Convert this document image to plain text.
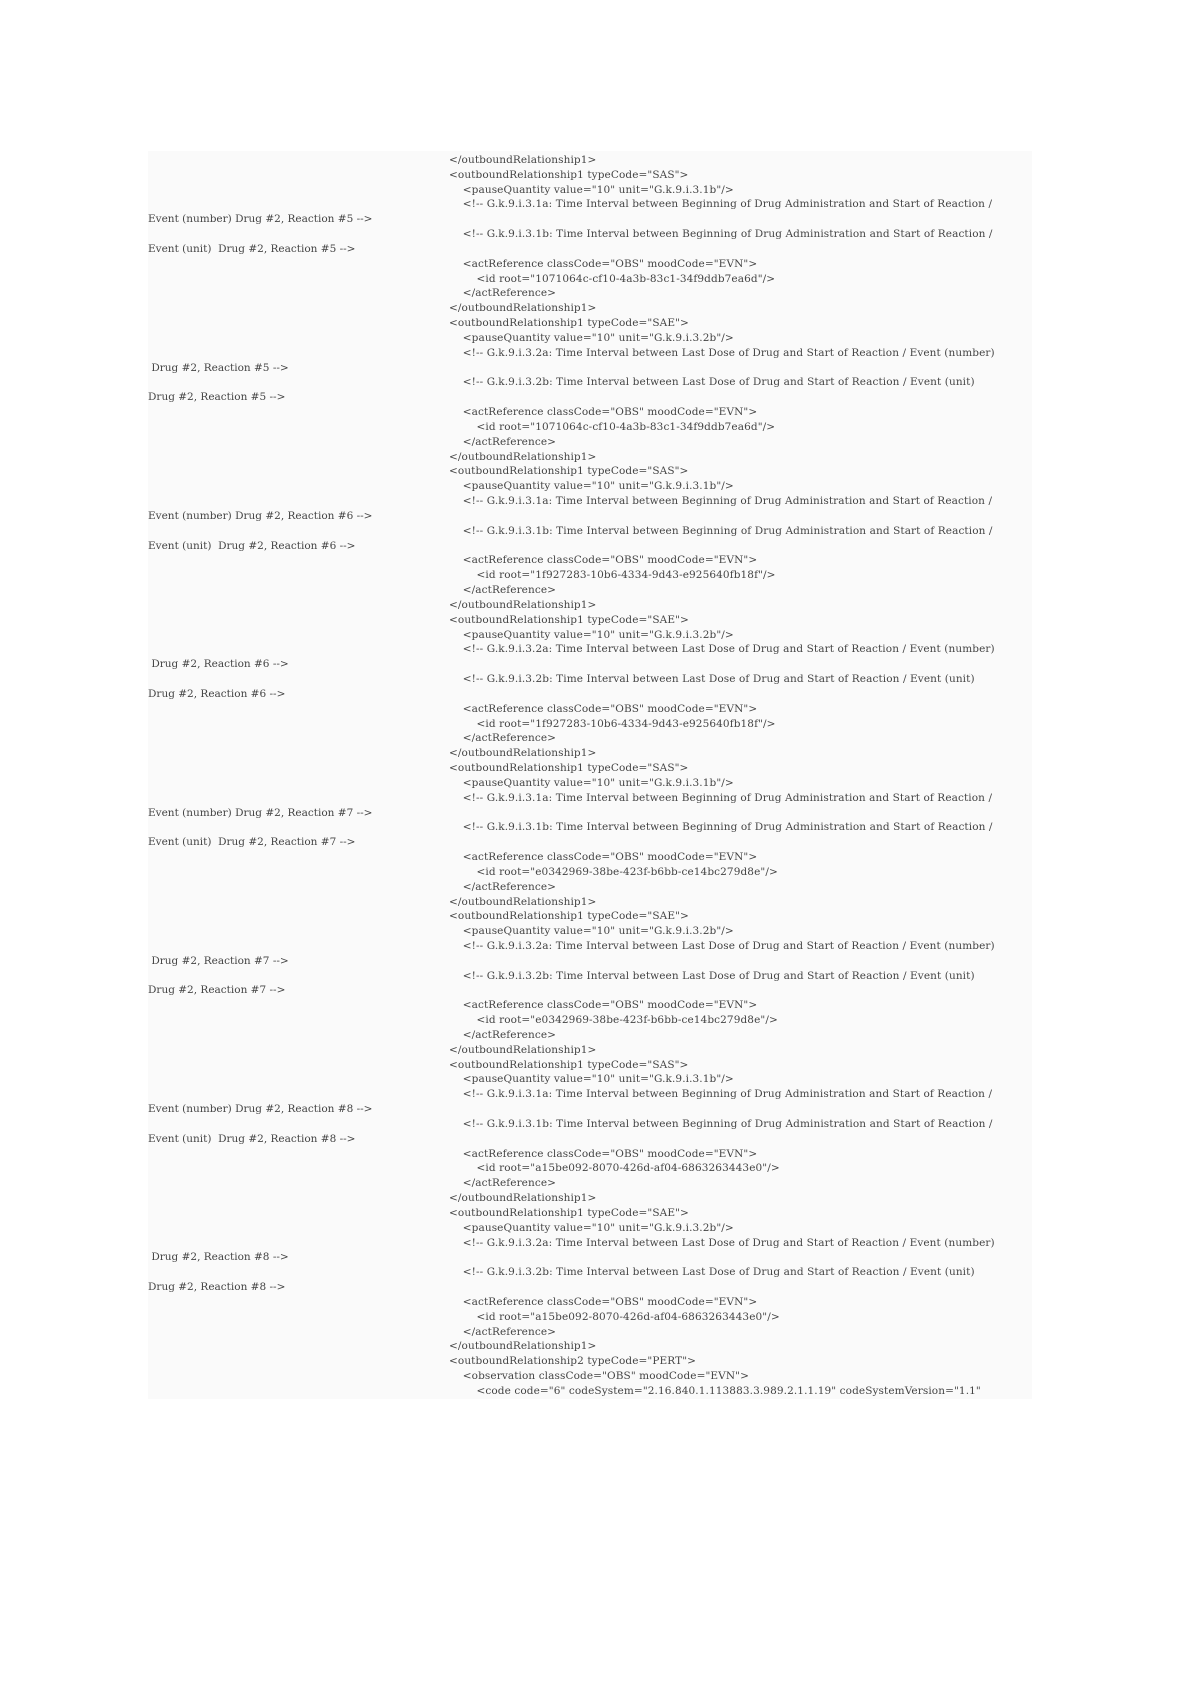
Event (number) Drug #2, Reaction #5 -->
Event (unit)  Drug #2, Reaction #5 -->
Drug #2, Reaction #5 -->
Drug #2, Reaction #5 -->
Event (number) Drug #2, Reaction #6 -->
Event (unit)  Drug #2, Reaction #6 -->
Drug #2, Reaction #6 -->
Drug #2, Reaction #6 -->
Event (number) Drug #2, Reaction #7 -->
Event (unit)  Drug #2, Reaction #7 -->
Drug #2, Reaction #7 -->
Drug #2, Reaction #7 -->
Event (number) Drug #2, Reaction #8 -->
Event (unit)  Drug #2, Reaction #8 -->
Drug #2, Reaction #8 -->
Drug #2, Reaction #8 -->
</outboundRelationship1>
<outboundRelationship1 typeCode="SAS">
<pauseQuantity value="10" unit="G.k.9.i.3.1b"/>
<!-- G.k.9.i.3.1a: Time Interval between Beginning of Drug Administration and Start of Reaction /
<!-- G.k.9.i.3.1b: Time Interval between Beginning of Drug Administration and Start of Reaction /
<actReference classCode="OBS" moodCode="EVN">
<id root="1071064c-cf10-4a3b-83c1-34f9ddb7ea6d"/>
</actReference>
</outboundRelationship1>
<outboundRelationship1 typeCode="SAE">
<pauseQuantity value="10" unit="G.k.9.i.3.2b"/>
<!-- G.k.9.i.3.2a: Time Interval between Last Dose of Drug and Start of Reaction / Event (number)
<!-- G.k.9.i.3.2b: Time Interval between Last Dose of Drug and Start of Reaction / Event (unit)
<actReference classCode="OBS" moodCode="EVN">
<id root="1071064c-cf10-4a3b-83c1-34f9ddb7ea6d"/>
</actReference>
</outboundRelationship1>
<outboundRelationship1 typeCode="SAS">
<pauseQuantity value="10" unit="G.k.9.i.3.1b"/>
<!-- G.k.9.i.3.1a: Time Interval between Beginning of Drug Administration and Start of Reaction /
<!-- G.k.9.i.3.1b: Time Interval between Beginning of Drug Administration and Start of Reaction /
<actReference classCode="OBS" moodCode="EVN">
<id root="1f927283-10b6-4334-9d43-e925640fb18f"/>
</actReference>
</outboundRelationship1>
<outboundRelationship1 typeCode="SAE">
<pauseQuantity value="10" unit="G.k.9.i.3.2b"/>
<!-- G.k.9.i.3.2a: Time Interval between Last Dose of Drug and Start of Reaction / Event (number)
<!-- G.k.9.i.3.2b: Time Interval between Last Dose of Drug and Start of Reaction / Event (unit)
<actReference classCode="OBS" moodCode="EVN">
<id root="1f927283-10b6-4334-9d43-e925640fb18f"/>
</actReference>
</outboundRelationship1>
<outboundRelationship1 typeCode="SAS">
<pauseQuantity value="10" unit="G.k.9.i.3.1b"/>
<!-- G.k.9.i.3.1a: Time Interval between Beginning of Drug Administration and Start of Reaction /
<!-- G.k.9.i.3.1b: Time Interval between Beginning of Drug Administration and Start of Reaction /
<actReference classCode="OBS" moodCode="EVN">
<id root="e0342969-38be-423f-b6bb-ce14bc279d8e"/>
</actReference>
</outboundRelationship1>
<outboundRelationship1 typeCode="SAE">
<pauseQuantity value="10" unit="G.k.9.i.3.2b"/>
<!-- G.k.9.i.3.2a: Time Interval between Last Dose of Drug and Start of Reaction / Event (number)
<!-- G.k.9.i.3.2b: Time Interval between Last Dose of Drug and Start of Reaction / Event (unit)
<actReference classCode="OBS" moodCode="EVN">
<id root="e0342969-38be-423f-b6bb-ce14bc279d8e"/>
</actReference>
</outboundRelationship1>
<outboundRelationship1 typeCode="SAS">
<pauseQuantity value="10" unit="G.k.9.i.3.1b"/>
<!-- G.k.9.i.3.1a: Time Interval between Beginning of Drug Administration and Start of Reaction /
<!-- G.k.9.i.3.1b: Time Interval between Beginning of Drug Administration and Start of Reaction /
<actReference classCode="OBS" moodCode="EVN">
<id root="a15be092-8070-426d-af04-6863263443e0"/>
</actReference>
</outboundRelationship1>
<outboundRelationship1 typeCode="SAE">
<pauseQuantity value="10" unit="G.k.9.i.3.2b"/>
<!-- G.k.9.i.3.2a: Time Interval between Last Dose of Drug and Start of Reaction / Event (number)
<!-- G.k.9.i.3.2b: Time Interval between Last Dose of Drug and Start of Reaction / Event (unit)
<actReference classCode="OBS" moodCode="EVN">
<id root="a15be092-8070-426d-af04-6863263443e0"/>
</actReference>
</outboundRelationship1>
<outboundRelationship2 typeCode="PERT">
<observation classCode="OBS" moodCode="EVN">
<code code="6" codeSystem="2.16.840.1.113883.3.989.2.1.1.19" codeSystemVersion="1.1"
